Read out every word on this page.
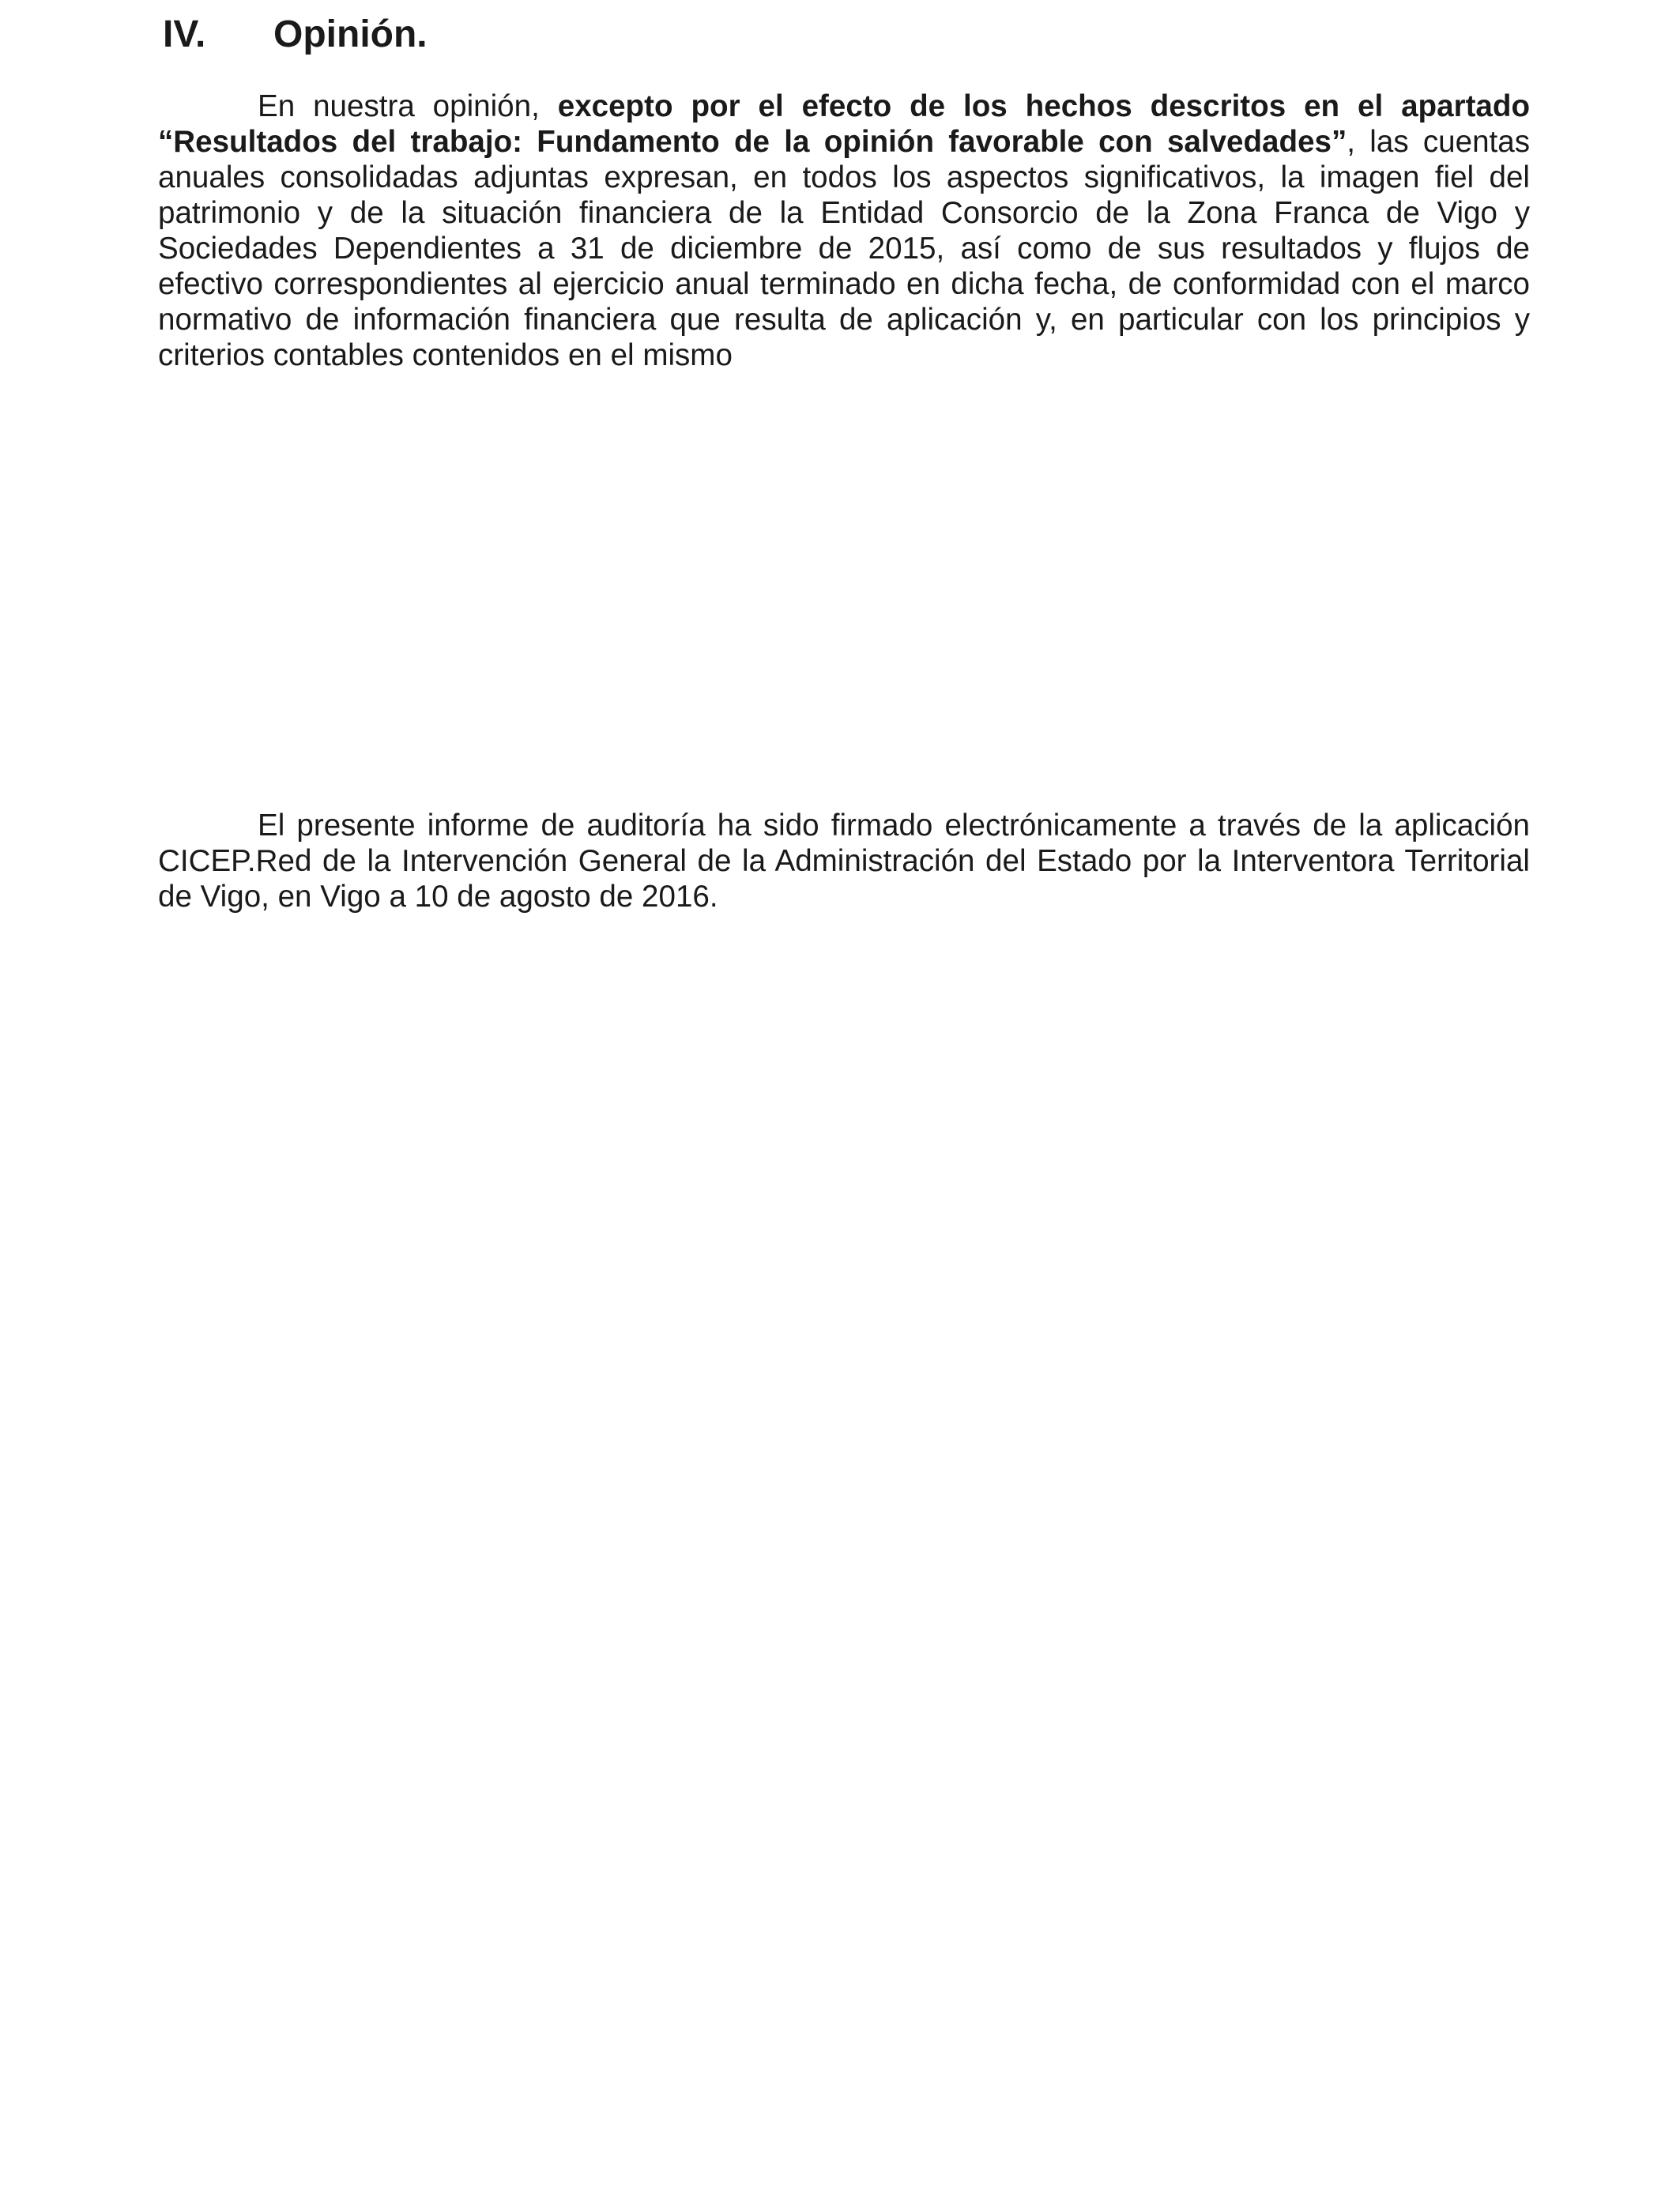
IV. Opinión.

En nuestra opinión, excepto por el efecto de los hechos descritos en el apartado “Resultados del trabajo: Fundamento de la opinión favorable con salvedades”, las cuentas anuales consolidadas adjuntas expresan, en todos los aspectos significativos, la imagen fiel del patrimonio y de la situación financiera de la Entidad Consorcio de la Zona Franca de Vigo y Sociedades Dependientes a 31 de diciembre de 2015, así como de sus resultados y flujos de efectivo correspondientes al ejercicio anual terminado en dicha fecha, de conformidad con el marco normativo de información financiera que resulta de aplicación y, en particular con los principios y criterios contables contenidos en el mismo

El presente informe de auditoría ha sido firmado electrónicamente a través de la aplicación CICEP.Red de la Intervención General de la Administración del Estado por la Interventora Territorial de Vigo, en Vigo a 10 de agosto de 2016.
